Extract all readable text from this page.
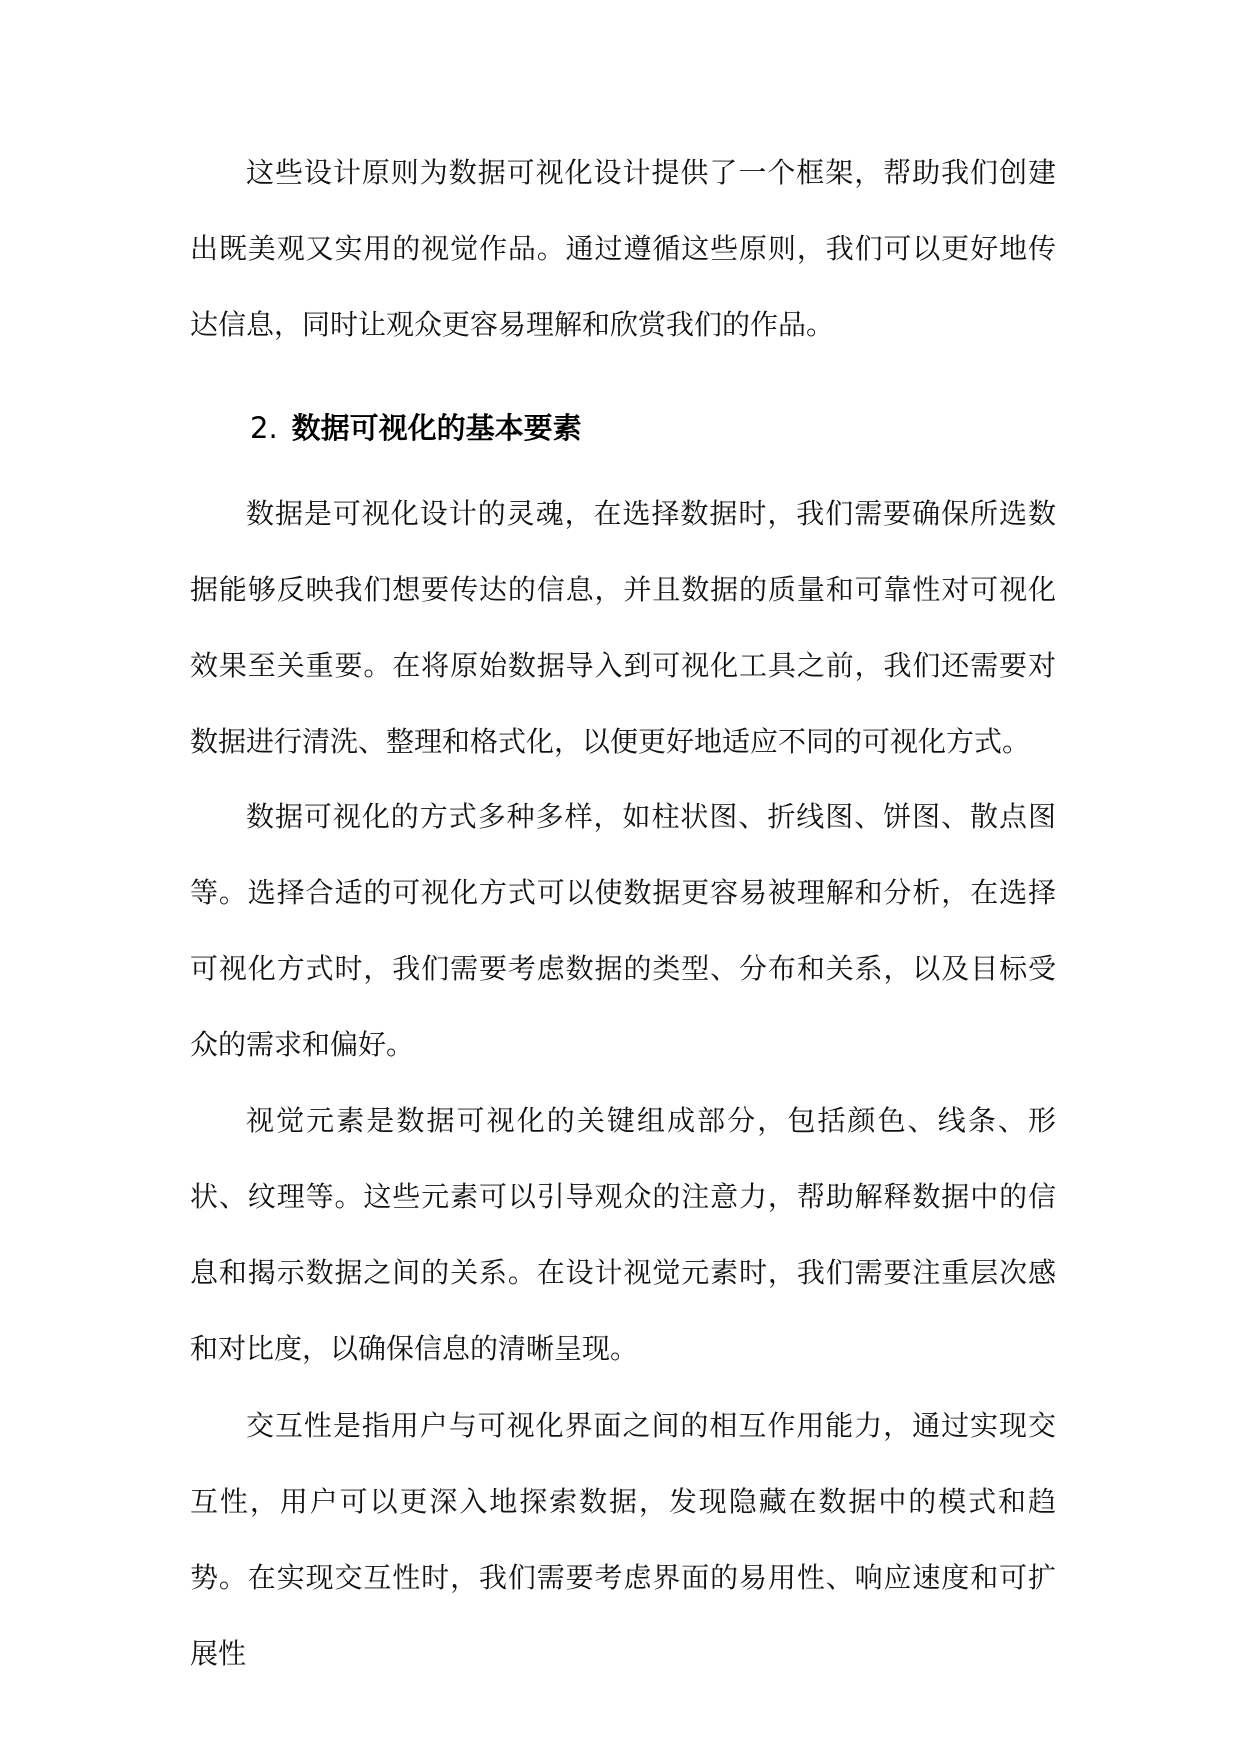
这些设计原则为数据可视化设计提供了一个框架，帮助我们创建出既美观又实用的视觉作品。通过遵循这些原则，我们可以更好地传达信息，同时让观众更容易理解和欣赏我们的作品。

2. 数据可视化的基本要素

数据是可视化设计的灵魂，在选择数据时，我们需要确保所选数据能够反映我们想要传达的信息，并且数据的质量和可靠性对可视化效果至关重要。在将原始数据导入到可视化工具之前，我们还需要对数据进行清洗、整理和格式化，以便更好地适应不同的可视化方式。

数据可视化的方式多种多样，如柱状图、折线图、饼图、散点图等。选择合适的可视化方式可以使数据更容易被理解和分析，在选择可视化方式时，我们需要考虑数据的类型、分布和关系，以及目标受众的需求和偏好。

视觉元素是数据可视化的关键组成部分，包括颜色、线条、形状、纹理等。这些元素可以引导观众的注意力，帮助解释数据中的信息和揭示数据之间的关系。在设计视觉元素时，我们需要注重层次感和对比度，以确保信息的清晰呈现。

交互性是指用户与可视化界面之间的相互作用能力，通过实现交互性，用户可以更深入地探索数据，发现隐藏在数据中的模式和趋势。在实现交互性时，我们需要考虑界面的易用性、响应速度和可扩展性
